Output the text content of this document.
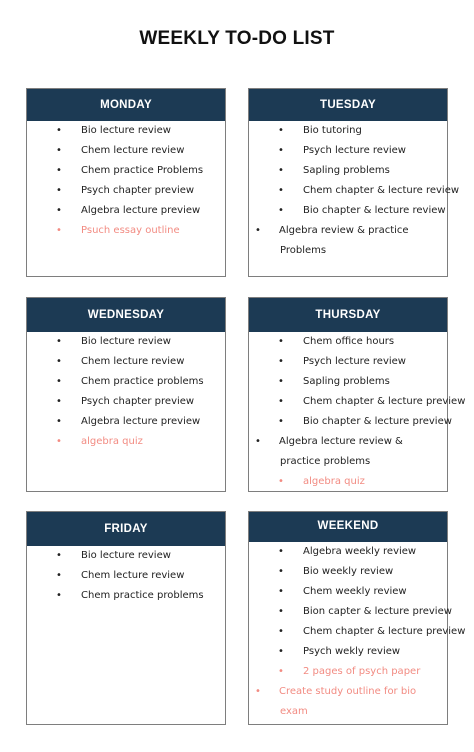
WEEKLY TO-DO LIST
MONDAY
• Bio lecture review
• Chem lecture review
• Chem practice Problems
• Psych chapter preview
• Algebra lecture preview
• Psuch essay outline
TUESDAY
• Bio tutoring
• Psych lecture review
• Sapling problems
• Chem chapter & lecture review
• Bio chapter & lecture review
• Algebra review & practice Problems
WEDNESDAY
• Bio lecture review
• Chem lecture review
• Chem practice problems
• Psych chapter preview
• Algebra lecture preview
• algebra quiz
THURSDAY
• Chem office hours
• Psych lecture review
• Sapling problems
• Chem chapter & lecture preview
• Bio chapter & lecture preview
• Algebra lecture review & practice problems
• algebra quiz
FRIDAY
• Bio lecture review
• Chem lecture review
• Chem practice problems
WEEKEND
• Algebra weekly review
• Bio weekly review
• Chem weekly review
• Bion capter & lecture preview
• Chem chapter & lecture preview
• Psych wekly review
• 2 pages of psych paper
• Create study outline for bio exam
